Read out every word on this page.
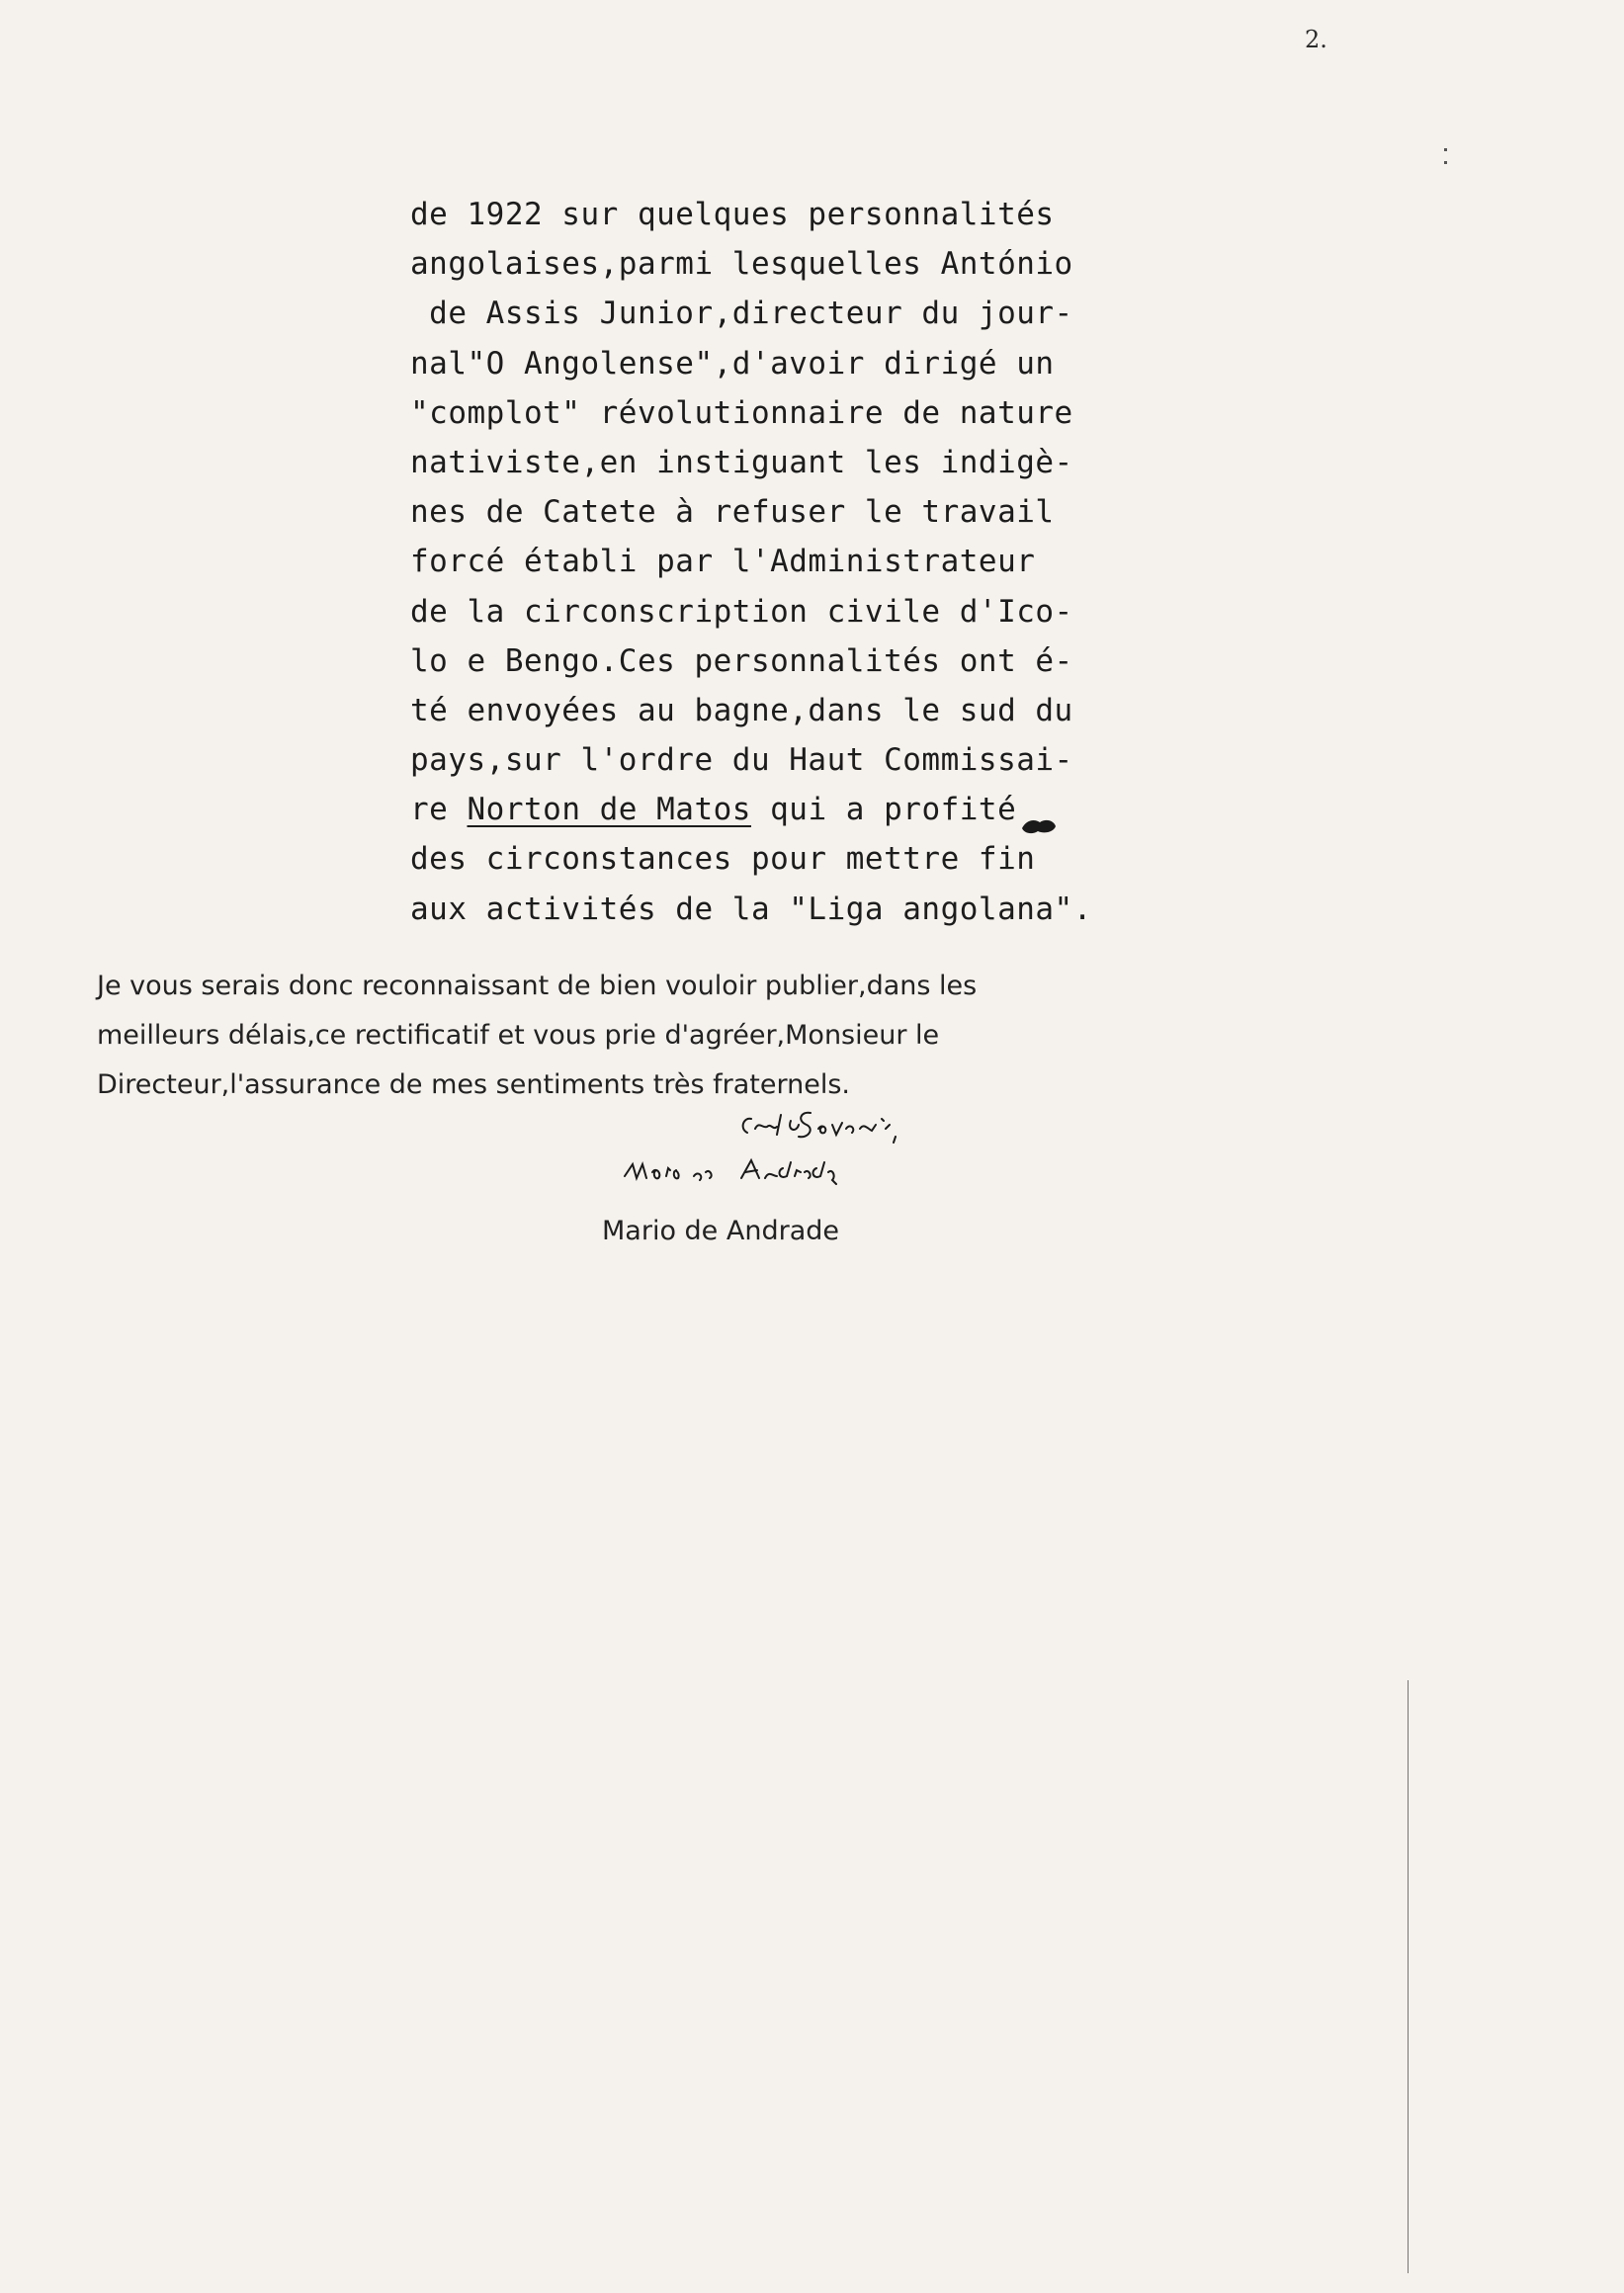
2.
de 1922 sur quelques personnalités
angolaises,parmi lesquelles António
de Assis Junior,directeur du jour-
nal"O Angolense",d'avoir dirigé un
"complot" révolutionnaire de nature
nativiste,en instiguant les indigè-
nes de Catete à refuser le travail
forcé établi par l'Administrateur
de la circonscription civile d'Ico-
lo e Bengo.Ces personnalités ont é-
té envoyées au bagne,dans le sud du
pays,sur l'ordre du Haut Commissai-
re Norton de Matos qui a profité
des circonstances pour mettre fin
aux activités de la "Liga angolana".
Je vous serais donc reconnaissant de bien vouloir publier,dans les
meilleurs délais,ce rectificatif et vous prie d'agréer,Monsieur le
Directeur,l'assurance de mes sentiments très fraternels.
Mario de Andrade
